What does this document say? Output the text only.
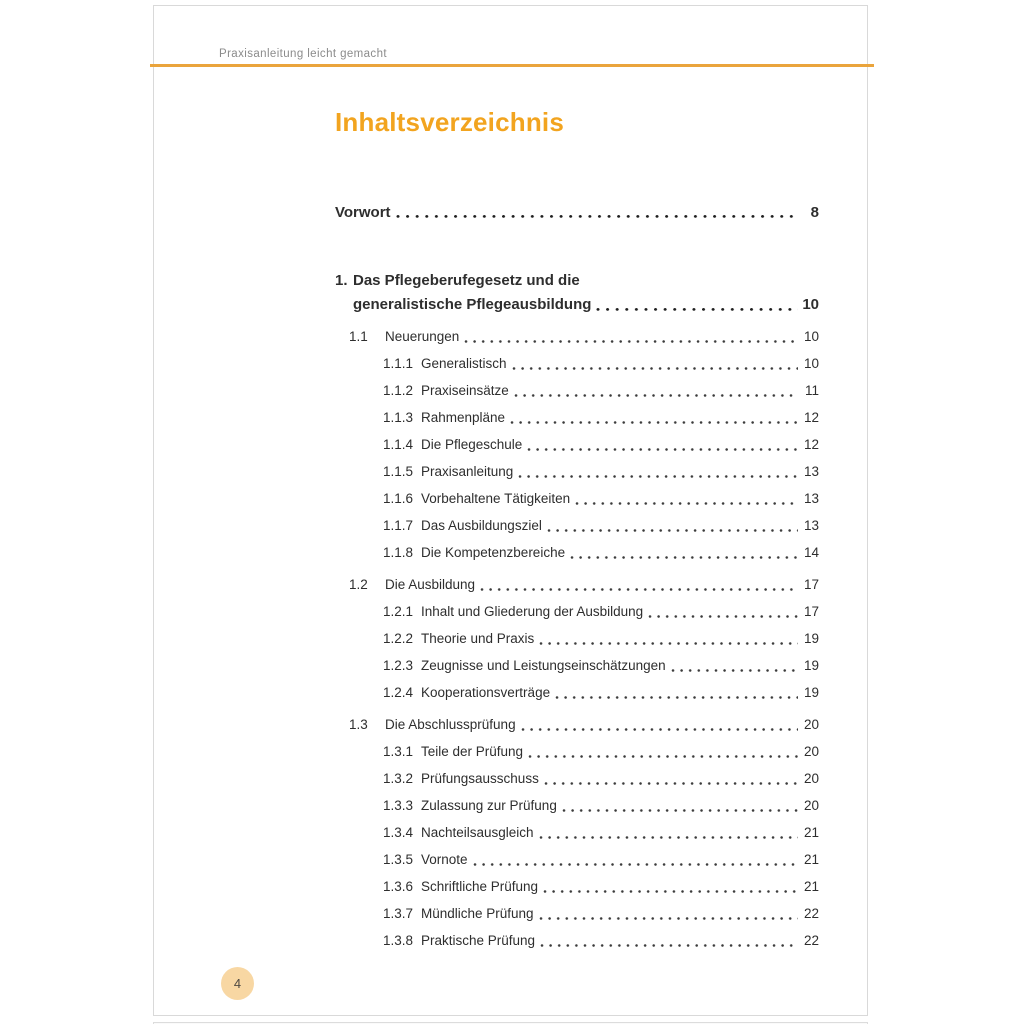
Praxisanleitung leicht gemacht
Inhaltsverzeichnis
Vorwort	8
1. Das Pflegeberufegesetz und die
generalistische Pflegeausbildung	10
1.1	Neuerungen	10
1.1.1 Generalistisch	10
1.1.2 Praxiseinsätze	11
1.1.3 Rahmenpläne	12
1.1.4 Die Pflegeschule	12
1.1.5 Praxisanleitung	13
1.1.6 Vorbehaltene Tätigkeiten	13
1.1.7 Das Ausbildungsziel	13
1.1.8 Die Kompetenzbereiche	14
1.2	Die Ausbildung	17
1.2.1 Inhalt und Gliederung der Ausbildung	17
1.2.2 Theorie und Praxis	19
1.2.3 Zeugnisse und Leistungseinschätzungen	19
1.2.4 Kooperationsverträge	19
1.3	Die Abschlussprüfung	20
1.3.1 Teile der Prüfung	20
1.3.2 Prüfungsausschuss	20
1.3.3 Zulassung zur Prüfung	20
1.3.4 Nachteilsausgleich	21
1.3.5 Vornote	21
1.3.6 Schriftliche Prüfung	21
1.3.7 Mündliche Prüfung	22
1.3.8 Praktische Prüfung	22
4
